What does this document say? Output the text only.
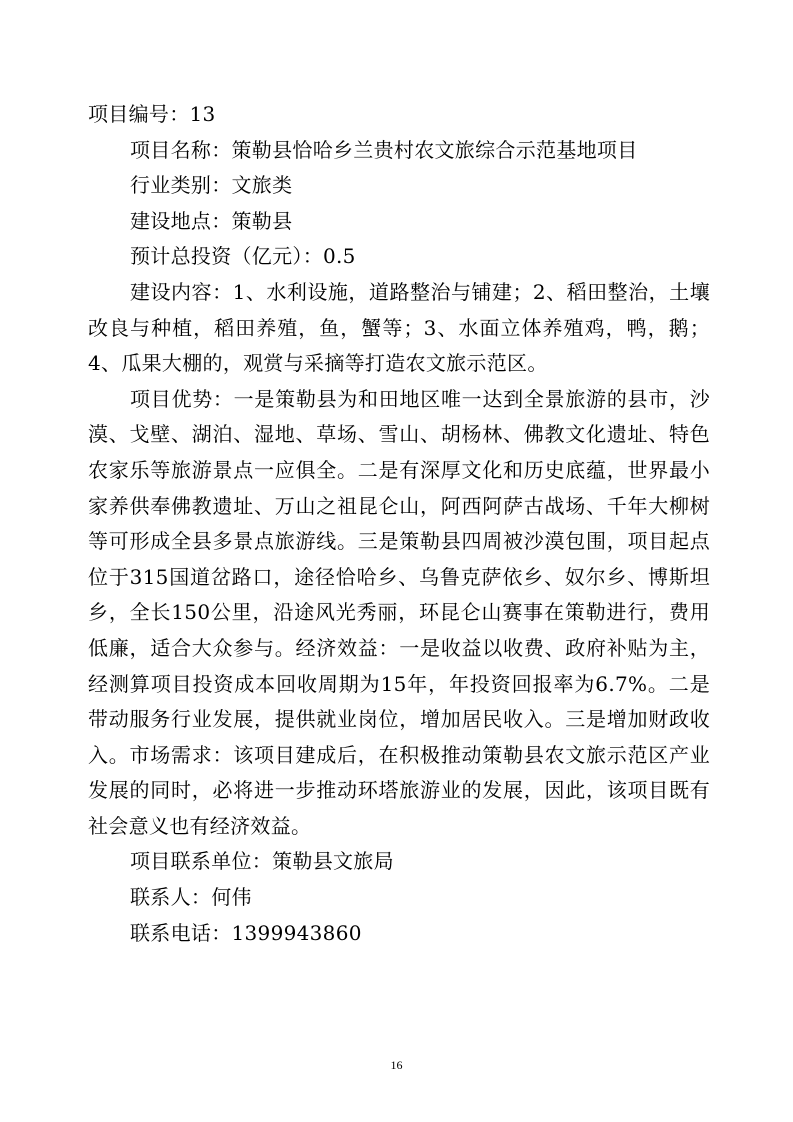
项目编号：13

项目名称：策勒县恰哈乡兰贵村农文旅综合示范基地项目

行业类别：文旅类

建设地点：策勒县

预计总投资（亿元）：0.5

建设内容：1、水利设施，道路整治与铺建；2、稻田整治，土壤改良与种植，稻田养殖，鱼，蟹等；3、水面立体养殖鸡，鸭，鹅；4、瓜果大棚的，观赏与采摘等打造农文旅示范区。

项目优势：一是策勒县为和田地区唯一达到全景旅游的县市，沙漠、戈壁、湖泊、湿地、草场、雪山、胡杨林、佛教文化遗址、特色农家乐等旅游景点一应俱全。二是有深厚文化和历史底蕴，世界最小家养供奉佛教遗址、万山之祖昆仑山，阿西阿萨古战场、千年大柳树等可形成全县多景点旅游线。三是策勒县四周被沙漠包围，项目起点位于315国道岔路口，途径恰哈乡、乌鲁克萨依乡、奴尔乡、博斯坦乡，全长150公里，沿途风光秀丽，环昆仑山赛事在策勒进行，费用低廉，适合大众参与。经济效益：一是收益以收费、政府补贴为主，经测算项目投资成本回收周期为15年，年投资回报率为6.7%。二是带动服务行业发展，提供就业岗位，增加居民收入。三是增加财政收入。市场需求：该项目建成后，在积极推动策勒县农文旅示范区产业发展的同时，必将进一步推动环塔旅游业的发展，因此，该项目既有社会意义也有经济效益。

项目联系单位：策勒县文旅局

联系人：何伟

联系电话：1399943860

16
